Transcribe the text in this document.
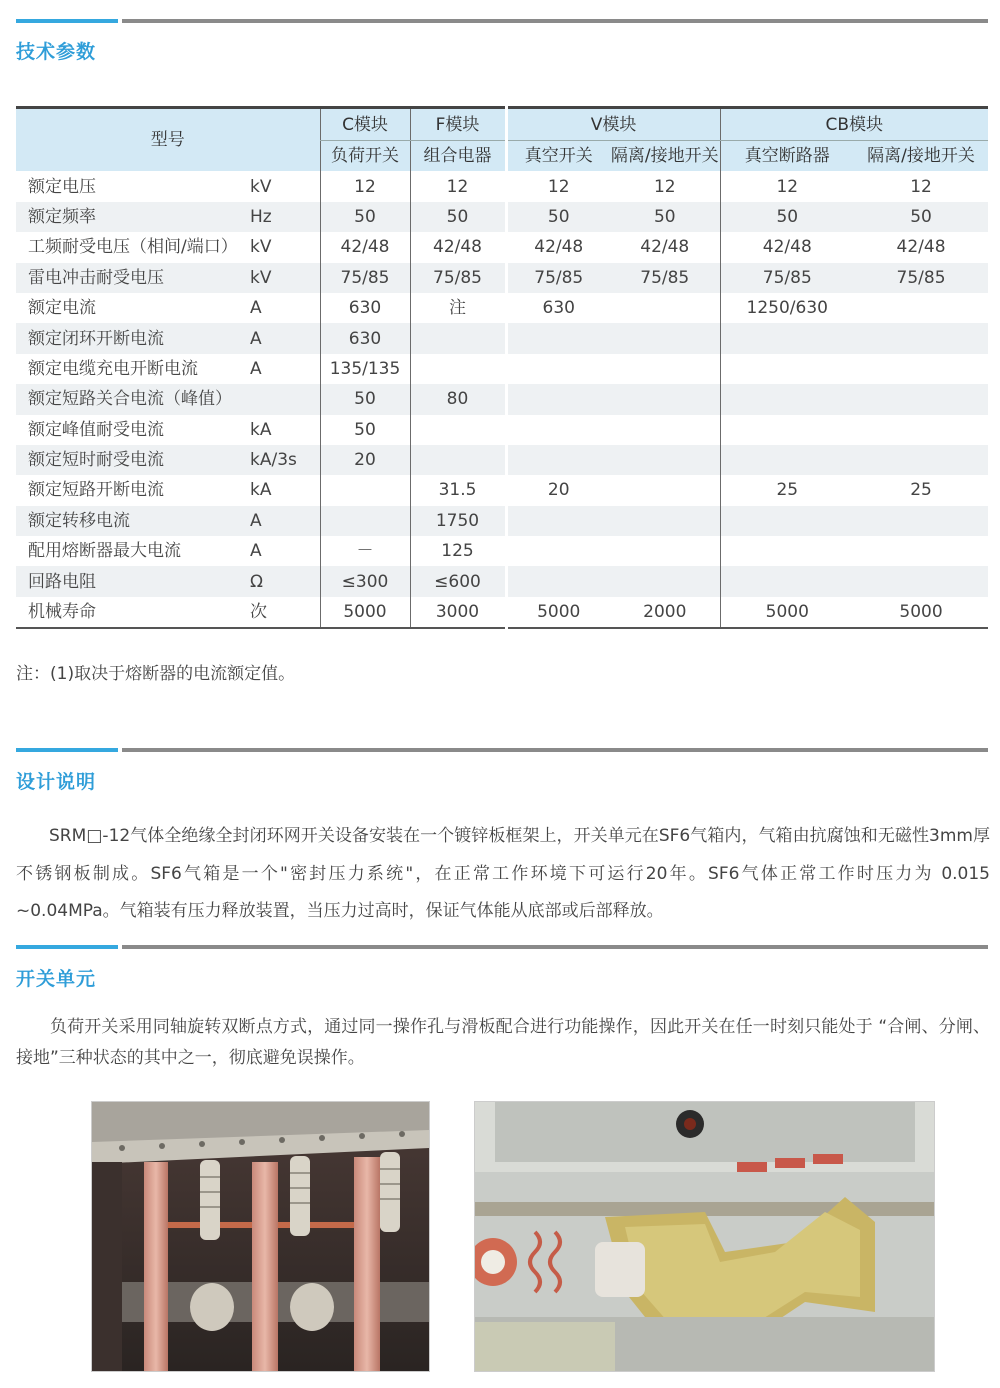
技术参数
型号		C模块	F模块	V模块		CB模块	
		负荷开关	组合电器	真空开关	隔离/接地开关	真空断路器	隔离/接地开关
额定电压	kV	12	12	12	12	12	12
额定频率	Hz	50	50	50	50	50	50
工频耐受电压（相间/端口）	kV	42/48	42/48	42/48	42/48	42/48	42/48
雷电冲击耐受电压	kV	75/85	75/85	75/85	75/85	75/85	75/85
额定电流	A	630	注	630		1250/630	
额定闭环开断电流	A	630					
额定电缆充电开断电流	A	135/135					
额定短路关合电流（峰值）		50	80				
额定峰值耐受电流	kA	50					
额定短时耐受电流	kA/3s	20					
额定短路开断电流	kA		31.5	20		25	25
额定转移电流	A		1750				
配用熔断器最大电流	A	－	125				
回路电阻	Ω	≤300	≤600				
机械寿命	次	5000	3000	5000	2000	5000	5000
注：(1)取决于熔断器的电流额定值。
设计说明
SRM□-12气体全绝缘全封闭环网开关设备安装在一个镀锌板框架上，开关单元在SF6气箱内，气箱由抗腐蚀和无磁性3mm厚不锈钢板制成。SF6气箱是一个"密封压力系统"，在正常工作环境下可运行20年。SF6气体正常工作时压力为 0.015 ~0.04MPa。气箱装有压力释放装置，当压力过高时，保证气体能从底部或后部释放。
开关单元
负荷开关采用同轴旋转双断点方式，通过同一操作孔与滑板配合进行功能操作，因此开关在任一时刻只能处于 “合闸、分闸、接地”三种状态的其中之一，彻底避免误操作。
